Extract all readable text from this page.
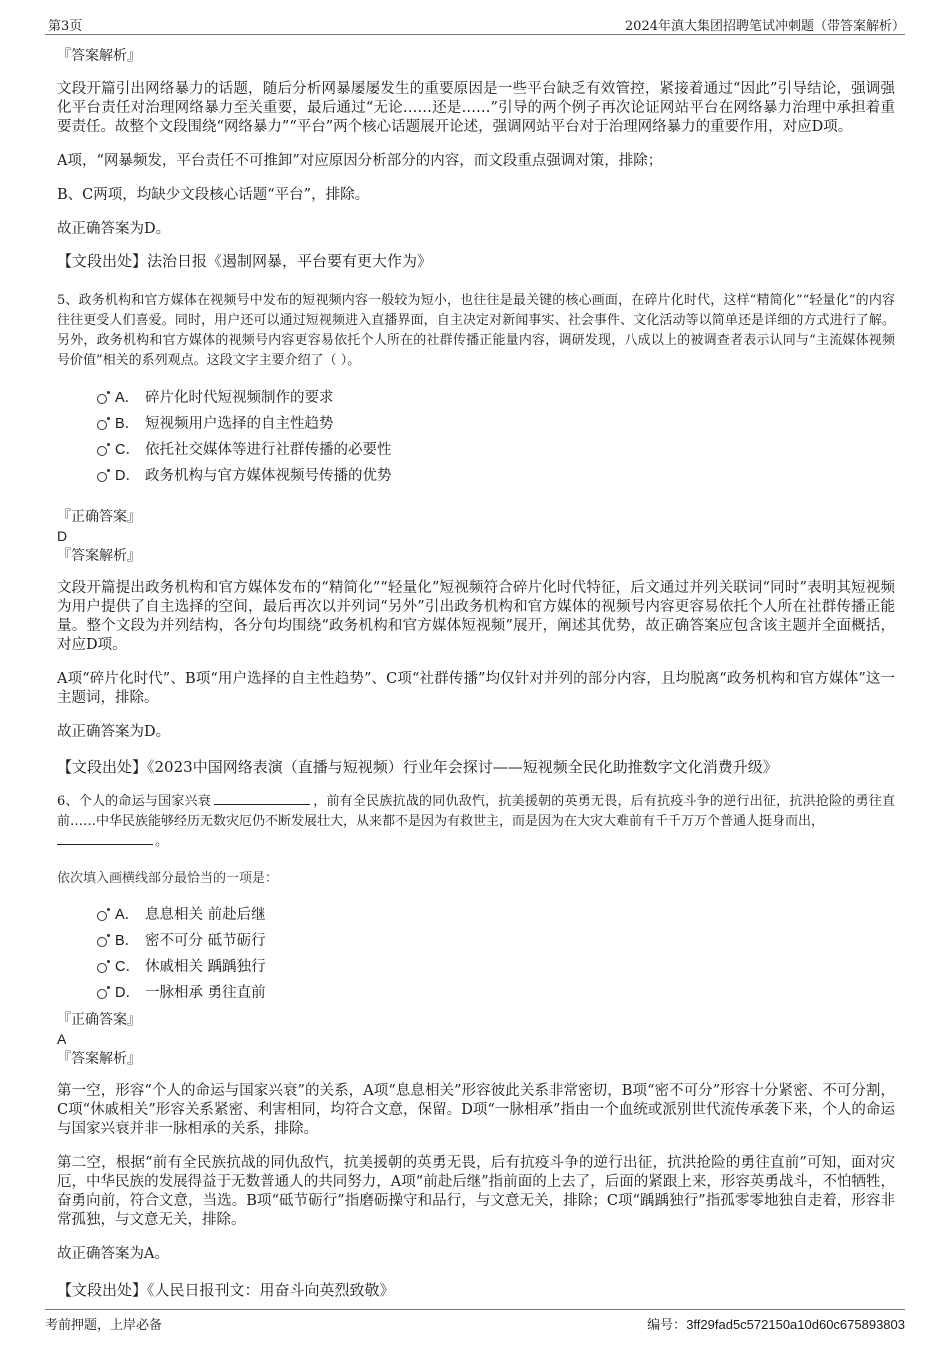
第3页	2024年滇大集团招聘笔试冲刺题（带答案解析）
『答案解析』
文段开篇引出网络暴力的话题，随后分析网暴屡屡发生的重要原因是一些平台缺乏有效管控，紧接着通过“因此”引导结论，强调强化平台责任对治理网络暴力至关重要，最后通过“无论……还是……”引导的两个例子再次论证网站平台在网络暴力治理中承担着重要责任。故整个文段围绕“网络暴力”“平台”两个核心话题展开论述，强调网站平台对于治理网络暴力的重要作用，对应D项。
A项，“网暴频发，平台责任不可推卸”对应原因分析部分的内容，而文段重点强调对策，排除；
B、C两项，均缺少文段核心话题“平台”，排除。
故正确答案为D。
【文段出处】法治日报《遏制网暴，平台要有更大作为》
5、政务机构和官方媒体在视频号中发布的短视频内容一般较为短小，也往往是最关键的核心画面，在碎片化时代，这样“精简化”“轻量化”的内容往往更受人们喜爱。同时，用户还可以通过短视频进入直播界面，自主决定对新闻事实、社会事件、文化活动等以简单还是详细的方式进行了解。另外，政务机构和官方媒体的视频号内容更容易依托个人所在的社群传播正能量内容，调研发现，八成以上的被调查者表示认同与“主流媒体视频号价值”相关的系列观点。这段文字主要介绍了（ ）。
A． 碎片化时代短视频制作的要求
B． 短视频用户选择的自主性趋势
C． 依托社交媒体等进行社群传播的必要性
D． 政务机构与官方媒体视频号传播的优势
『正确答案』
D
『答案解析』
文段开篇提出政务机构和官方媒体发布的“精简化”“轻量化”短视频符合碎片化时代特征，后文通过并列关联词“同时”表明其短视频为用户提供了自主选择的空间，最后再次以并列词“另外”引出政务机构和官方媒体的视频号内容更容易依托个人所在社群传播正能量。整个文段为并列结构，各分句均围绕“政务机构和官方媒体短视频”展开，阐述其优势，故正确答案应包含该主题并全面概括，对应D项。
A项“碎片化时代”、B项“用户选择的自主性趋势”、C项“社群传播”均仅针对并列的部分内容，且均脱离“政务机构和官方媒体”这一主题词，排除。
故正确答案为D。
【文段出处】《2023中国网络表演（直播与短视频）行业年会探讨——短视频全民化助推数字文化消费升级》
6、个人的命运与国家兴衰	，前有全民族抗战的同仇敌忾，抗美援朝的英勇无畏，后有抗疫斗争的逆行出征，抗洪抢险的勇往直前……中华民族能够经历无数灾厄仍不断发展壮大，从来都不是因为有救世主，而是因为在大灾大难前有千千万万个普通人挺身而出，
。
依次填入画横线部分最恰当的一项是：
A． 息息相关 前赴后继
B． 密不可分 砥节砺行
C． 休戚相关 踽踽独行
D． 一脉相承 勇往直前
『正确答案』
A
『答案解析』
第一空，形容“个人的命运与国家兴衰”的关系，A项“息息相关”形容彼此关系非常密切，B项“密不可分”形容十分紧密、不可分割，C项“休戚相关”形容关系紧密、利害相同，均符合文意，保留。D项“一脉相承”指由一个血统或派别世代流传承袭下来，个人的命运与国家兴衰并非一脉相承的关系，排除。
第二空，根据“前有全民族抗战的同仇敌忾，抗美援朝的英勇无畏，后有抗疫斗争的逆行出征，抗洪抢险的勇往直前”可知，面对灾厄，中华民族的发展得益于无数普通人的共同努力，A项“前赴后继”指前面的上去了，后面的紧跟上来，形容英勇战斗，不怕牺牲，奋勇向前，符合文意，当选。B项“砥节砺行”指磨砺操守和品行，与文意无关，排除；C项“踽踽独行”指孤零零地独自走着，形容非常孤独，与文意无关，排除。
故正确答案为A。
【文段出处】《人民日报刊文：用奋斗向英烈致敬》
考前押题，上岸必备	编号：3ff29fad5c572150a10d60c675893803
